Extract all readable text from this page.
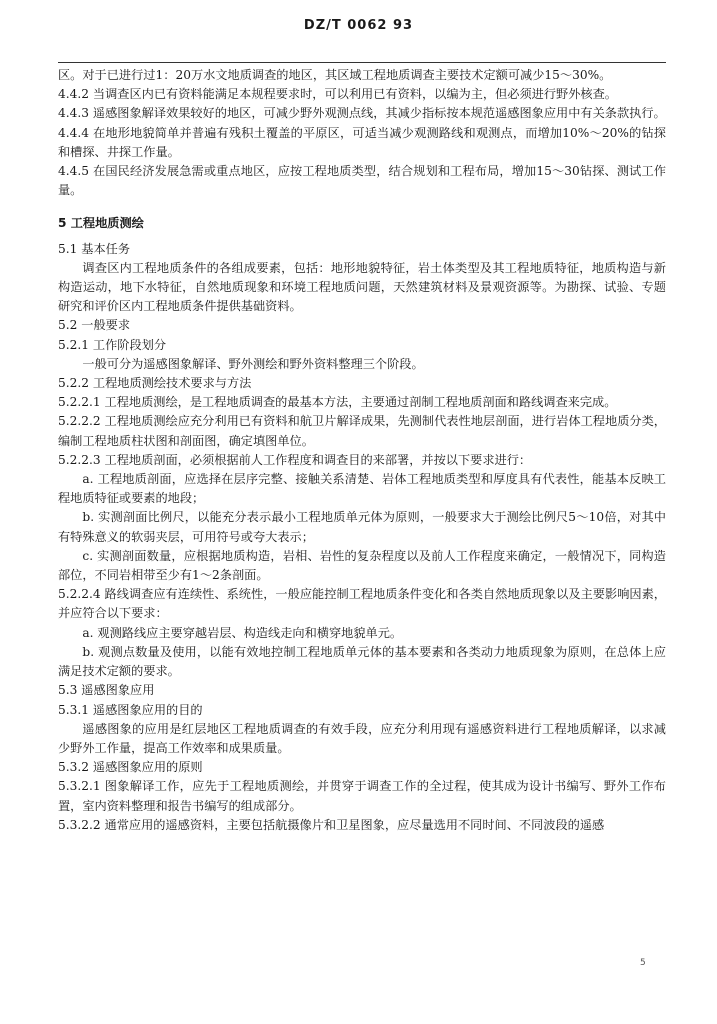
DZ/T 0062 93

区。对于已进行过1：20万水文地质调查的地区，其区域工程地质调查主要技术定额可减少15～30%。

4.4.2 当调查区内已有资料能满足本规程要求时，可以利用已有资料，以编为主，但必须进行野外核查。

4.4.3 遥感图象解译效果较好的地区，可减少野外观测点线，其减少指标按本规范遥感图象应用中有关条款执行。

4.4.4 在地形地貌简单并普遍有残积土覆盖的平原区，可适当减少观测路线和观测点，而增加10%～20%的钻探和槽探、井探工作量。

4.4.5 在国民经济发展急需或重点地区，应按工程地质类型，结合规划和工程布局，增加15～30钻探、测试工作量。

5 工程地质测绘

5.1 基本任务

调查区内工程地质条件的各组成要素，包括：地形地貌特征，岩土体类型及其工程地质特征，地质构造与新构造运动，地下水特征，自然地质现象和环境工程地质问题，天然建筑材料及景观资源等。为勘探、试验、专题研究和评价区内工程地质条件提供基础资料。

5.2 一般要求

5.2.1 工作阶段划分

一般可分为遥感图象解译、野外测绘和野外资料整理三个阶段。

5.2.2 工程地质测绘技术要求与方法

5.2.2.1 工程地质测绘，是工程地质调查的最基本方法，主要通过剖制工程地质剖面和路线调查来完成。

5.2.2.2 工程地质测绘应充分利用已有资料和航卫片解译成果，先测制代表性地层剖面，进行岩体工程地质分类，编制工程地质柱状图和剖面图，确定填图单位。

5.2.2.3 工程地质剖面，必须根据前人工作程度和调查目的来部署，并按以下要求进行：

a. 工程地质剖面，应选择在层序完整、接触关系清楚、岩体工程地质类型和厚度具有代表性，能基本反映工程地质特征或要素的地段；

b. 实测剖面比例尺，以能充分表示最小工程地质单元体为原则，一般要求大于测绘比例尺5～10倍，对其中有特殊意义的软弱夹层，可用符号或夸大表示；

c. 实测剖面数量，应根据地质构造，岩相、岩性的复杂程度以及前人工作程度来确定，一般情况下，同构造部位，不同岩相带至少有1～2条剖面。

5.2.2.4 路线调查应有连续性、系统性，一般应能控制工程地质条件变化和各类自然地质现象以及主要影响因素，并应符合以下要求：

a. 观测路线应主要穿越岩层、构造线走向和横穿地貌单元。

b. 观测点数量及使用，以能有效地控制工程地质单元体的基本要素和各类动力地质现象为原则，在总体上应满足技术定额的要求。

5.3 遥感图象应用

5.3.1 遥感图象应用的目的

遥感图象的应用是红层地区工程地质调查的有效手段，应充分利用现有遥感资料进行工程地质解译，以求减少野外工作量，提高工作效率和成果质量。

5.3.2 遥感图象应用的原则

5.3.2.1 图象解译工作，应先于工程地质测绘，并贯穿于调查工作的全过程，使其成为设计书编写、野外工作布置，室内资料整理和报告书编写的组成部分。

5.3.2.2 通常应用的遥感资料，主要包括航摄像片和卫星图象，应尽量选用不同时间、不同波段的遥感

5
